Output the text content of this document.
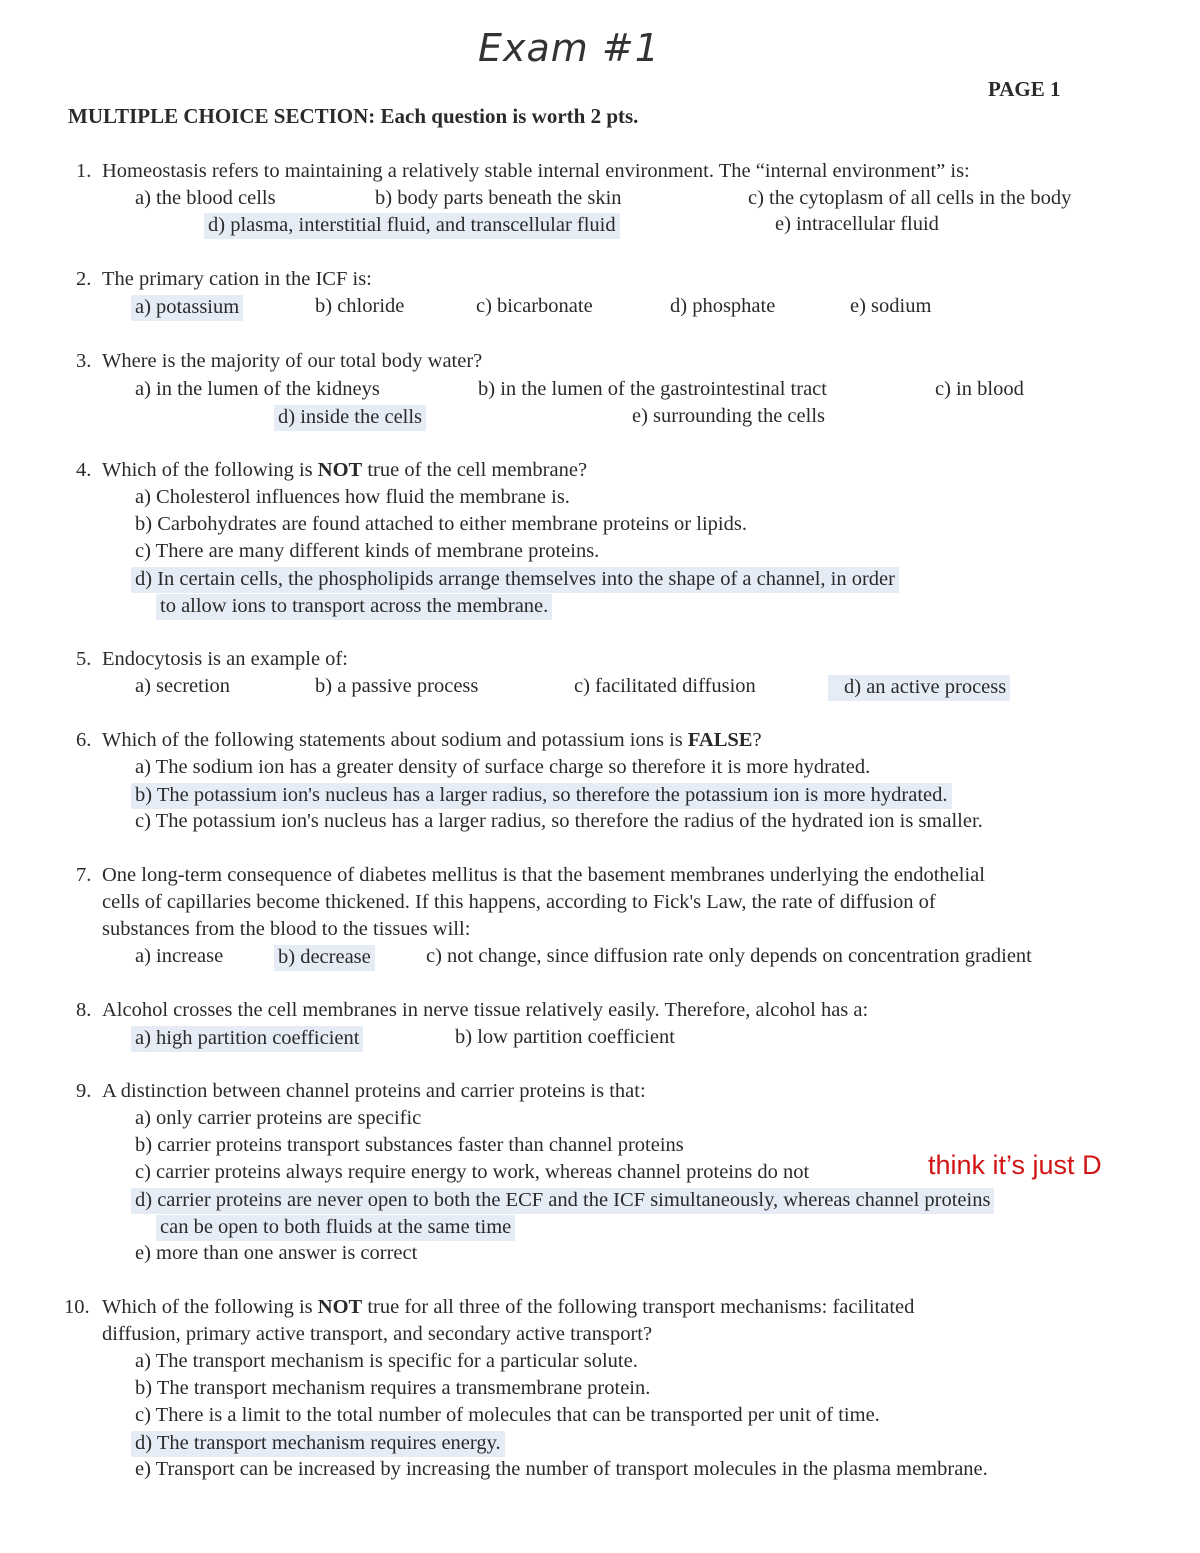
Exam #1
PAGE 1
MULTIPLE CHOICE SECTION: Each question is worth 2 pts.
1. Homeostasis refers to maintaining a relatively stable internal environment. The “internal environment” is:
a) the blood cells	b) body parts beneath the skin	c) the cytoplasm of all cells in the body
d) plasma, interstitial fluid, and transcellular fluid	e) intracellular fluid
2. The primary cation in the ICF is:
a) potassium	b) chloride	c) bicarbonate	d) phosphate	e) sodium
3. Where is the majority of our total body water?
a) in the lumen of the kidneys	b) in the lumen of the gastrointestinal tract	c) in blood
d) inside the cells	e) surrounding the cells
4. Which of the following is NOT true of the cell membrane?
a) Cholesterol influences how fluid the membrane is.
b) Carbohydrates are found attached to either membrane proteins or lipids.
c) There are many different kinds of membrane proteins.
d) In certain cells, the phospholipids arrange themselves into the shape of a channel, in order
to allow ions to transport across the membrane.
5. Endocytosis is an example of:
a) secretion	b) a passive process	c) facilitated diffusion	d) an active process
6. Which of the following statements about sodium and potassium ions is FALSE?
a) The sodium ion has a greater density of surface charge so therefore it is more hydrated.
b) The potassium ion's nucleus has a larger radius, so therefore the potassium ion is more hydrated.
c) The potassium ion's nucleus has a larger radius, so therefore the radius of the hydrated ion is smaller.
7. One long-term consequence of diabetes mellitus is that the basement membranes underlying the endothelial
cells of capillaries become thickened. If this happens, according to Fick's Law, the rate of diffusion of
substances from the blood to the tissues will:
a) increase	b) decrease	c) not change, since diffusion rate only depends on concentration gradient
8. Alcohol crosses the cell membranes in nerve tissue relatively easily. Therefore, alcohol has a:
a) high partition coefficient	b) low partition coefficient
9. A distinction between channel proteins and carrier proteins is that:
a) only carrier proteins are specific
b) carrier proteins transport substances faster than channel proteins
c) carrier proteins always require energy to work, whereas channel proteins do not
d) carrier proteins are never open to both the ECF and the ICF simultaneously, whereas channel proteins
can be open to both fluids at the same time
e) more than one answer is correct
think it’s just D
10. Which of the following is NOT true for all three of the following transport mechanisms: facilitated
diffusion, primary active transport, and secondary active transport?
a) The transport mechanism is specific for a particular solute.
b) The transport mechanism requires a transmembrane protein.
c) There is a limit to the total number of molecules that can be transported per unit of time.
d) The transport mechanism requires energy.
e) Transport can be increased by increasing the number of transport molecules in the plasma membrane.
